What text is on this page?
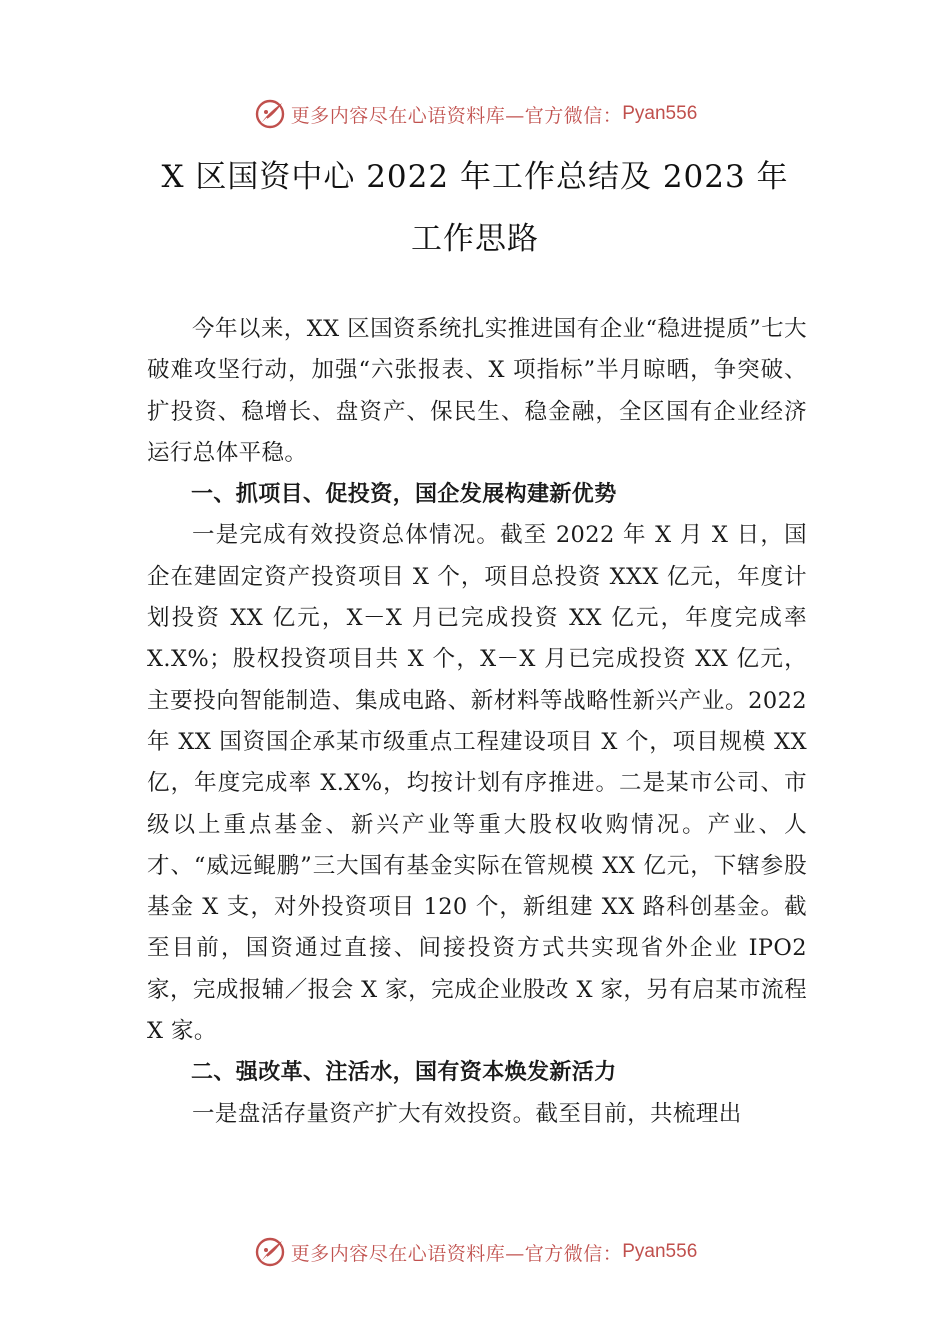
更多内容尽在心语资料库—官方微信： Pyan556
X 区国资中心 2022 年工作总结及 2023 年
工作思路

今年以来，XX 区国资系统扎实推进国有企业“稳进提质”七大破难攻坚行动，加强“六张报表、X 项指标”半月晾晒，争突破、扩投资、稳增长、盘资产、保民生、稳金融，全区国有企业经济运行总体平稳。

一、抓项目、促投资，国企发展构建新优势

一是完成有效投资总体情况。截至 2022 年 X 月 X 日，国企在建固定资产投资项目 X 个，项目总投资 XXX 亿元，年度计划投资 XX 亿元，X－X 月已完成投资 XX 亿元，年度完成率 X.X%；股权投资项目共 X 个，X－X 月已完成投资 XX 亿元，主要投向智能制造、集成电路、新材料等战略性新兴产业。2022 年 XX 国资国企承某市级重点工程建设项目 X 个，项目规模 XX 亿，年度完成率 X.X%，均按计划有序推进。二是某市公司、市级以上重点基金、新兴产业等重大股权收购情况。产业、人才、“威远鲲鹏”三大国有基金实际在管规模 XX 亿元，下辖参股基金 X 支，对外投资项目 120 个，新组建 XX 路科创基金。截至目前，国资通过直接、间接投资方式共实现省外企业 IPO2 家，完成报辅／报会 X 家，完成企业股改 X 家，另有启某市流程 X 家。

二、强改革、注活水，国有资本焕发新活力

一是盘活存量资产扩大有效投资。截至目前，共梳理出

更多内容尽在心语资料库—官方微信： Pyan556
